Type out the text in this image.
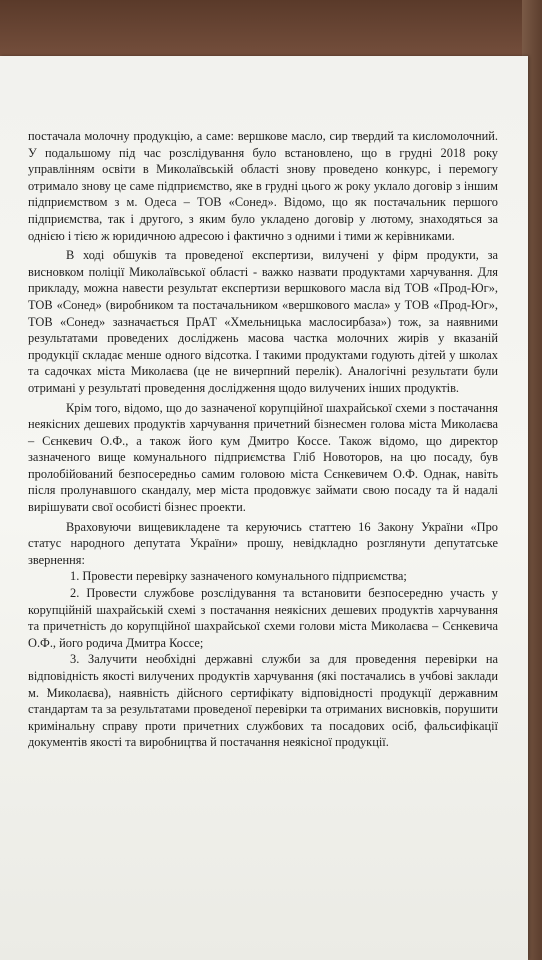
постачала молочну продукцію, а саме: вершкове масло, сир твердий та кисломолочний. У подальшому під час розслідування було встановлено, що в грудні 2018 року управлінням освіти в Миколаївській області знову проведено конкурс, і перемогу отримало знову це саме підприємство, яке в грудні цього ж року уклало договір з іншим підприємством з м. Одеса – ТОВ «Сонед». Відомо, що як постачальник першого підприємства, так і другого, з яким було укладено договір у лютому, знаходяться за однією і тією ж юридичною адресою і фактично з одними і тими ж керівниками.

В ході обшуків та проведеної експертизи, вилучені у фірм продукти, за висновком поліції Миколаївської області - важко назвати продуктами харчування. Для прикладу, можна навести результат експертизи вершкового масла від ТОВ «Прод-Юг», ТОВ «Сонед» (виробником та постачальником «вершкового масла» у ТОВ «Прод-Юг», ТОВ «Сонед» зазначається ПрАТ «Хмельницька маслосирбаза») тож, за наявними результатами проведених досліджень масова частка молочних жирів у вказаній продукції складає менше одного відсотка. І такими продуктами годують дітей у школах та садочках міста Миколаєва (це не вичерпний перелік). Аналогічні результати були отримані у результаті проведення дослідження щодо вилучених інших продуктів.

Крім того, відомо, що до зазначеної корупційної шахрайської схеми з постачання неякісних дешевих продуктів харчування причетний бізнесмен голова міста Миколаєва – Сєнкевич О.Ф., а також його кум Дмитро Коссе. Також відомо, що директор зазначеного вище комунального підприємства Гліб Новоторов, на цю посаду, був пролобійований безпосередньо самим головою міста Сєнкевичем О.Ф. Однак, навіть після пролунавшого скандалу, мер міста продовжує займати свою посаду та й надалі вирішувати свої особисті бізнес проекти.

Враховуючи вищевикладене та керуючись статтею 16 Закону України «Про статус народного депутата України» прошу, невідкладно розглянути депутатське звернення:

1. Провести перевірку зазначеного комунального підприємства;

2. Провести службове розслідування та встановити безпосередню участь у корупційній шахрайській схемі з постачання неякісних дешевих продуктів харчування та причетність до корупційної шахрайської схеми голови міста Миколаєва – Сєнкевича О.Ф., його родича Дмитра Коссе;

3. Залучити необхідні державні служби за для проведення перевірки на відповідність якості вилучених продуктів харчування (які постачались в учбові заклади м. Миколаєва), наявність дійсного сертифікату відповідності продукції державним стандартам та за результатами проведеної перевірки та отриманих висновків, порушити кримінальну справу проти причетних службових та посадових осіб, фальсифікації документів якості та виробництва й постачання неякісної продукції.
